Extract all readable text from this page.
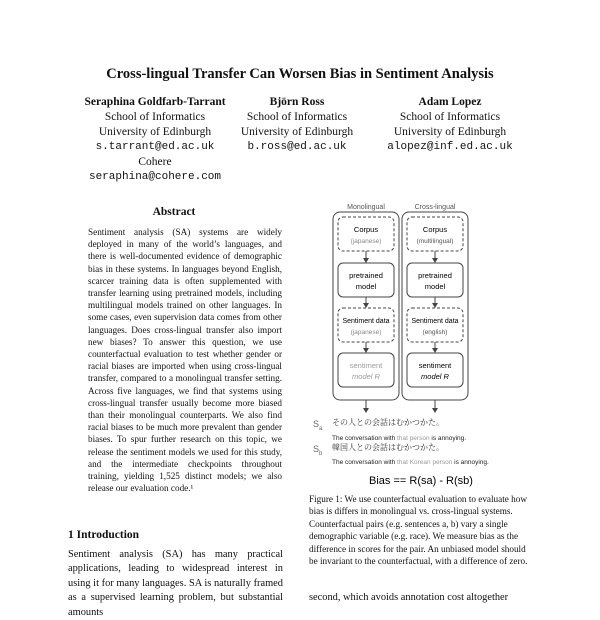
Cross-lingual Transfer Can Worsen Bias in Sentiment Analysis
Seraphina Goldfarb-Tarrant
School of Informatics
University of Edinburgh
s.tarrant@ed.ac.uk
Cohere
seraphina@cohere.com
Björn Ross
School of Informatics
University of Edinburgh
b.ross@ed.ac.uk
Adam Lopez
School of Informatics
University of Edinburgh
alopez@inf.ed.ac.uk
Abstract
Sentiment analysis (SA) systems are widely deployed in many of the world’s languages, and there is well-documented evidence of demographic bias in these systems. In languages beyond English, scarcer training data is often supplemented with transfer learning using pretrained models, including multilingual models trained on other languages. In some cases, even supervision data comes from other languages. Does cross-lingual transfer also import new biases? To answer this question, we use counterfactual evaluation to test whether gender or racial biases are imported when using cross-lingual transfer, compared to a monolingual transfer setting. Across five languages, we find that systems using cross-lingual transfer usually become more biased than their monolingual counterparts. We also find racial biases to be much more prevalent than gender biases. To spur further research on this topic, we release the sentiment models we used for this study, and the intermediate checkpoints throughout training, yielding 1,525 distinct models; we also release our evaluation code.¹
1 Introduction
Sentiment analysis (SA) has many practical applications, leading to widespread interest in using it for many languages. SA is naturally framed as a supervised learning problem, but substantial amounts
Monolingual	Cross-lingual
Corpus
(japanese)
Corpus
(multilingual)
pretrained
model
pretrained
model
Sentiment data
(japanese)
Sentiment data
(english)
sentiment
model R
sentiment
model R
$S_a$
その人との会話はむかつかた。
The conversation with that person is annoying.
$S_b$
韓国人との会話はむかつかた。
The conversation with that Korean person is annoying.
Bias == R(sa) - R(sb)
Figure 1: We use counterfactual evaluation to evaluate how bias is differs in monolingual vs. cross-lingual systems. Counterfactual pairs (e.g. sentences a, b) vary a single demographic variable (e.g. race). We measure bias as the difference in scores for the pair. An unbiased model should be invariant to the counterfactual, with a difference of zero.
second, which avoids annotation cost altogether
